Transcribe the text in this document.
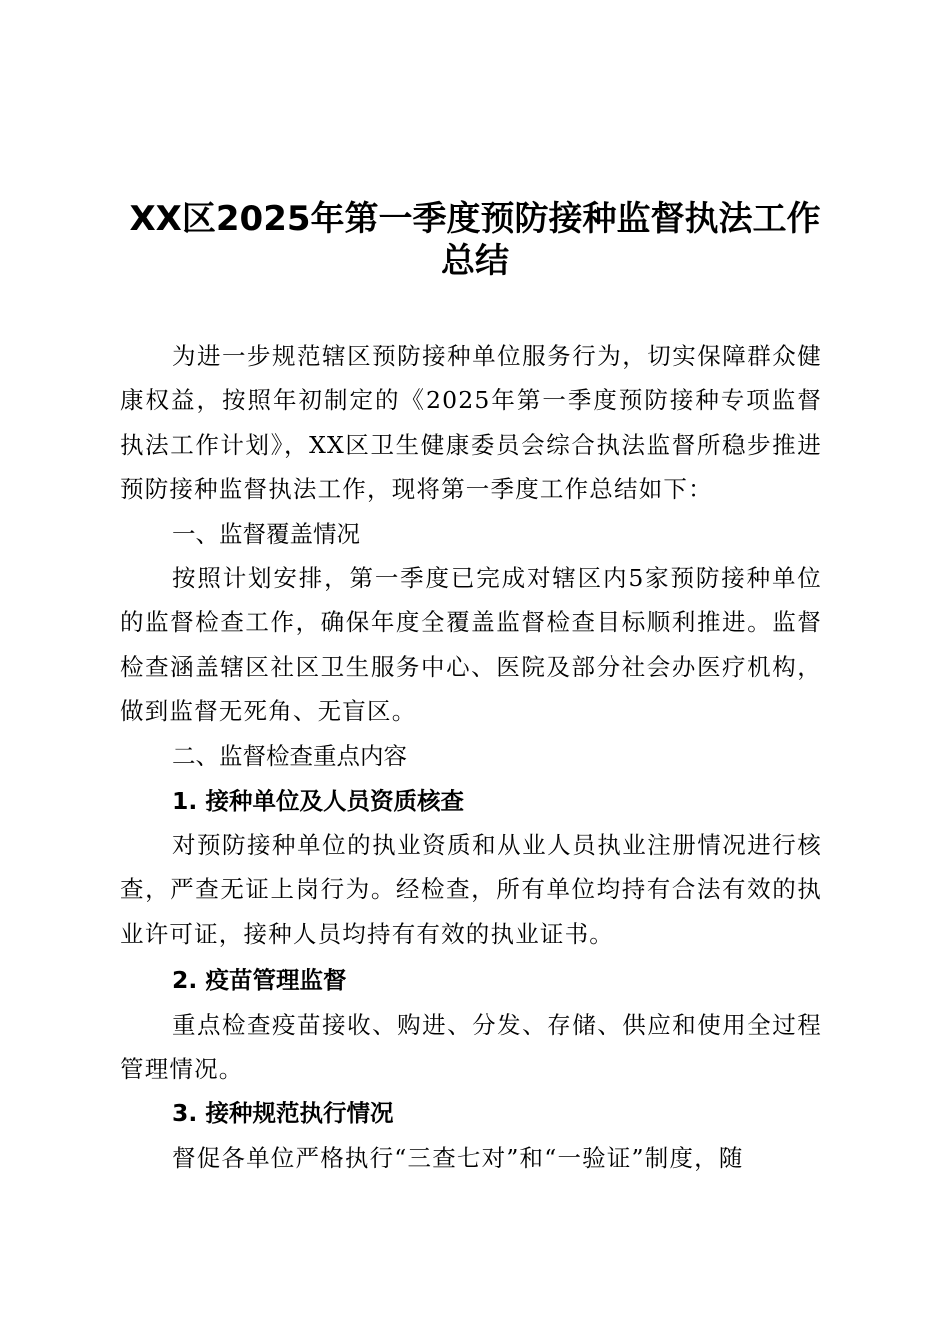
XX区2025年第一季度预防接种监督执法工作
总结
为进一步规范辖区预防接种单位服务行为，切实保障群众健康权益，按照年初制定的《2025年第一季度预防接种专项监督执法工作计划》，XX区卫生健康委员会综合执法监督所稳步推进预防接种监督执法工作，现将第一季度工作总结如下：
一、监督覆盖情况
按照计划安排，第一季度已完成对辖区内5家预防接种单位的监督检查工作，确保年度全覆盖监督检查目标顺利推进。监督检查涵盖辖区社区卫生服务中心、医院及部分社会办医疗机构，做到监督无死角、无盲区。
二、监督检查重点内容
1. 接种单位及人员资质核查
对预防接种单位的执业资质和从业人员执业注册情况进行核查，严查无证上岗行为。经检查，所有单位均持有合法有效的执业许可证，接种人员均持有有效的执业证书。
2. 疫苗管理监督
重点检查疫苗接收、购进、分发、存储、供应和使用全过程管理情况。
3. 接种规范执行情况
督促各单位严格执行“三查七对”和“一验证”制度，随
